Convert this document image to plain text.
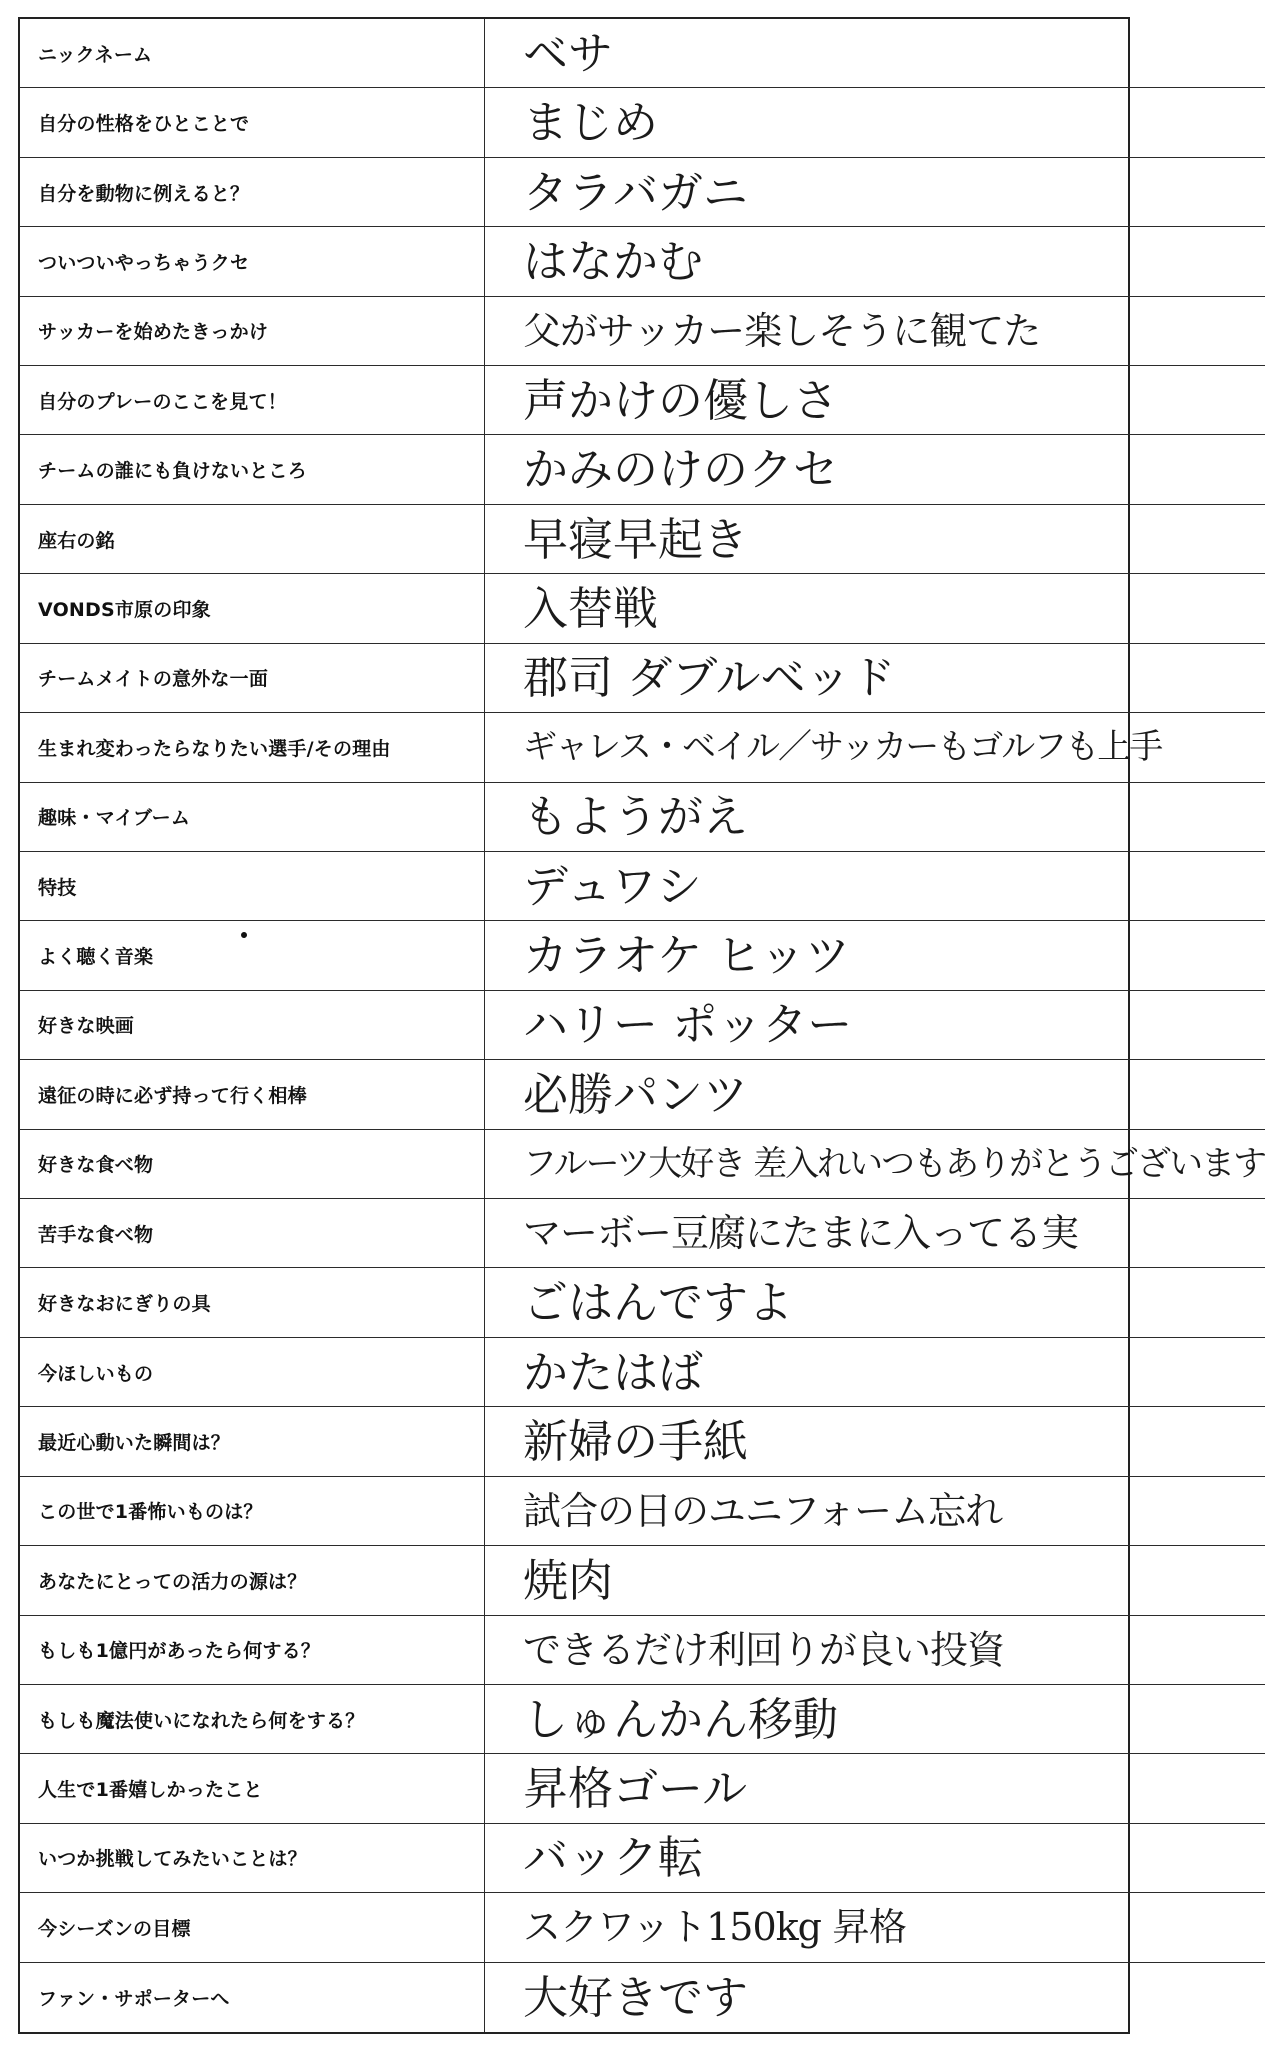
ニックネーム	ベサ
自分の性格をひとことで	まじめ
自分を動物に例えると？	タラバガニ
ついついやっちゃうクセ	はなかむ
サッカーを始めたきっかけ	父がサッカー楽しそうに観てた
自分のプレーのここを見て！	声かけの優しさ
チームの誰にも負けないところ	かみのけのクセ
座右の銘	早寝早起き
VONDS市原の印象	入替戦
チームメイトの意外な一面	郡司 ダブルベッド
生まれ変わったらなりたい選手/その理由	ギャレス・ベイル／サッカーもゴルフも上手
趣味・マイブーム	もようがえ
特技	デュワシ
よく聴く音楽	カラオケ ヒッツ
好きな映画	ハリー ポッター
遠征の時に必ず持って行く相棒	必勝パンツ
好きな食べ物	フルーツ大好き 差入れいつもありがとうございます
苦手な食べ物	マーボー豆腐にたまに入ってる実
好きなおにぎりの具	ごはんですよ
今ほしいもの	かたはば
最近心動いた瞬間は？	新婦の手紙
この世で1番怖いものは？	試合の日のユニフォーム忘れ
あなたにとっての活力の源は？	焼肉
もしも1億円があったら何する？	できるだけ利回りが良い投資
もしも魔法使いになれたら何をする？	しゅんかん移動
人生で1番嬉しかったこと	昇格ゴール
いつか挑戦してみたいことは？	バック転
今シーズンの目標	スクワット150kg 昇格
ファン・サポーターへ	大好きです
